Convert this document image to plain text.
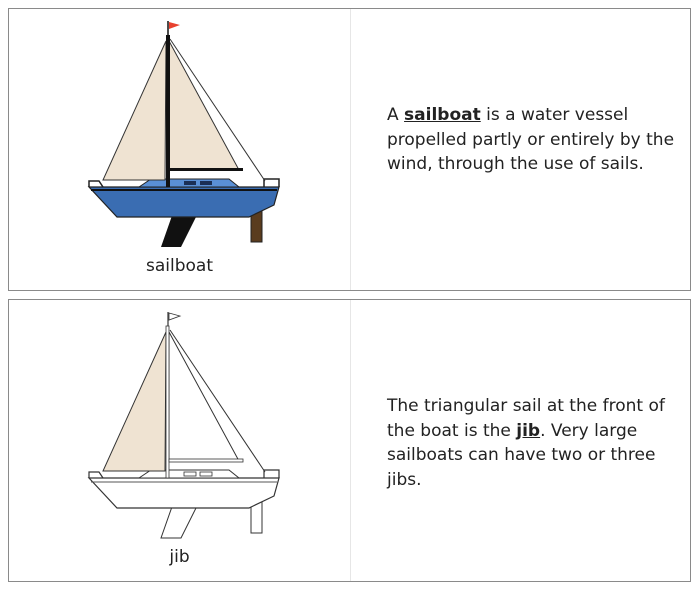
sailboat
A sailboat is a water vessel propelled partly or entirely by the wind, through the use of sails.
jib
The triangular sail at the front of the boat is the jib. Very large sailboats can have two or three jibs.
